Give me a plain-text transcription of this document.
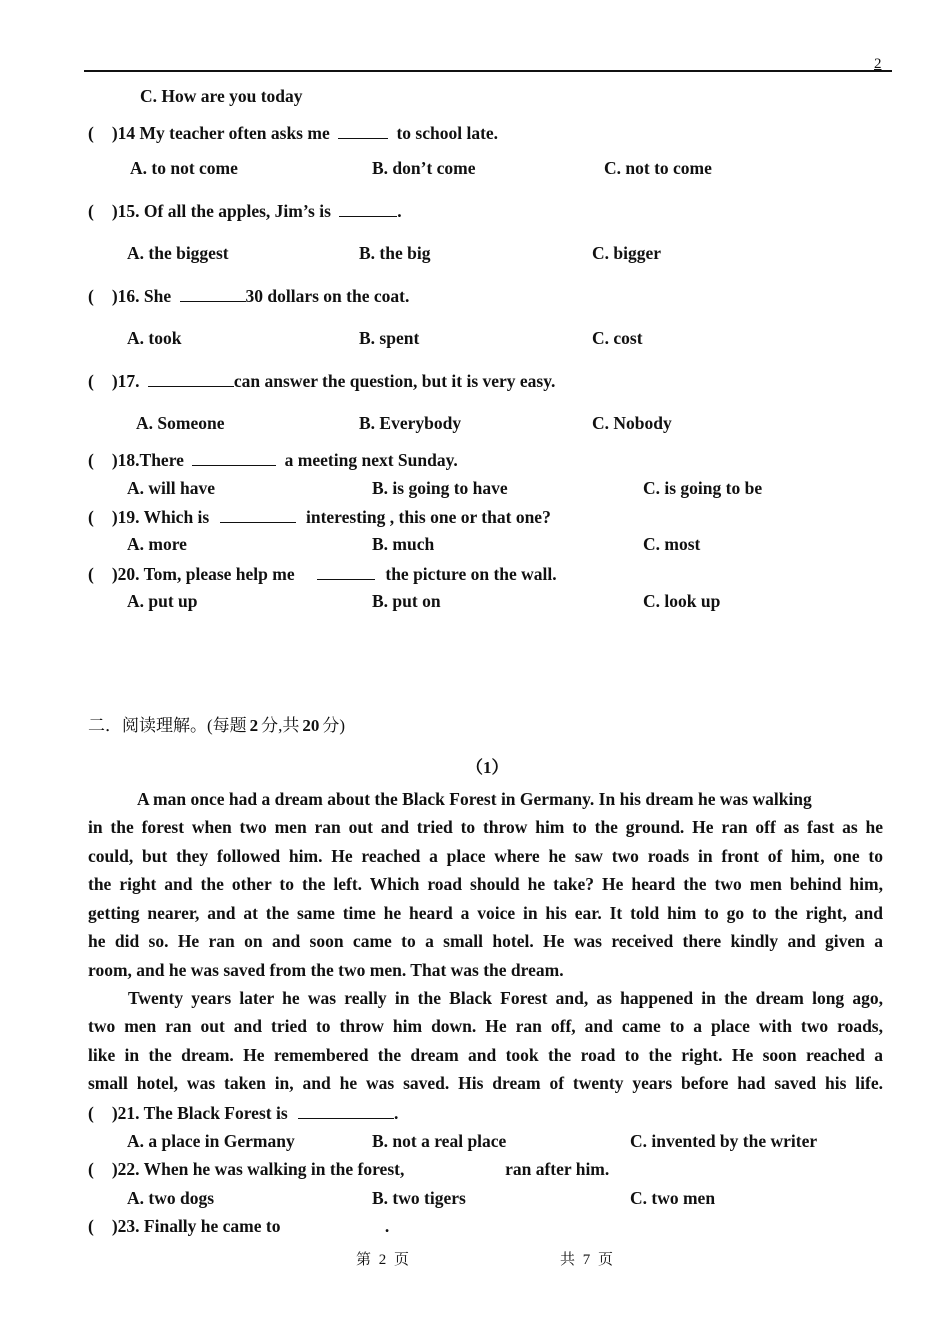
2
C. How are you today
( )14 My teacher often asks me	to school late.
A. to not come	B. don’t come	C. not to come
( )15. Of all the apples, Jim’s is	.
A. the biggest	B. the big	C. bigger
( )16. She	30 dollars on the coat.
A. took	B. spent	C. cost
( )17.	can answer the question, but it is very easy.
A. Someone	B. Everybody	C. Nobody
( )18.There	a meeting next Sunday.
A. will have	B. is going to have	C. is going to be
( )19. Which is	interesting , this one or that one?
A. more	B. much	C. most
( )20. Tom, please help me	the picture on the wall.
A. put up	B. put on	C. look up
二．阅读理解。(每题 2 分,共 20 分)
（1）
A man once had a dream about the Black Forest in Germany. In his dream he was walking
in the forest when two men ran out and tried to throw him to the ground. He ran off as fast as he
could, but they followed him. He reached a place where he saw two roads in front of him, one to
the right and the other to the left. Which road should he take? He heard the two men behind him,
getting nearer, and at the same time he heard a voice in his ear. It told him to go to the right, and
he did so. He ran on and soon came to a small hotel. He was received there kindly and given a
room, and he was saved from the two men. That was the dream.
Twenty years later he was really in the Black Forest and, as happened in the dream long ago,
two men ran out and tried to throw him down. He ran off, and came to a place with two roads,
like in the dream. He remembered the dream and took the road to the right. He soon reached a
small hotel, was taken in, and he was saved. His dream of twenty years before had saved his life.
( )21. The Black Forest is	.
A. a place in Germany	B. not a real place	C. invented by the writer
( )22. When he was walking in the forest,	ran after him.
A. two dogs	B. two tigers	C. two men
( )23. Finally he came to	.
第 2 页	共 7 页
